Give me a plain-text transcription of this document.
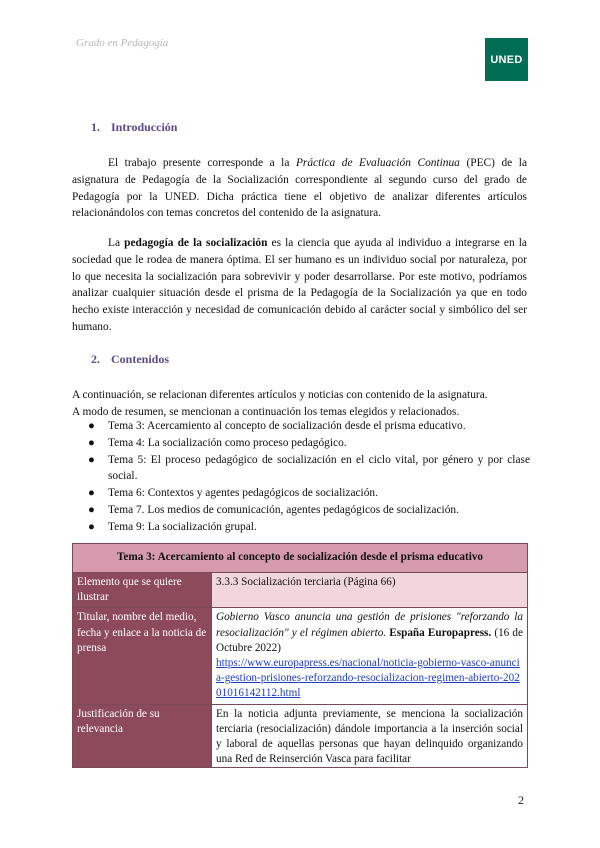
Grado en Pedagogía
UNED
1. Introducción
El trabajo presente corresponde a la Práctica de Evaluación Continua (PEC) de la asignatura de Pedagogía de la Socialización correspondiente al segundo curso del grado de Pedagogía por la UNED. Dicha práctica tiene el objetivo de analizar diferentes artículos relacionándolos con temas concretos del contenido de la asignatura.
La pedagogía de la socialización es la ciencia que ayuda al individuo a integrarse en la sociedad que le rodea de manera óptima. El ser humano es un individuo social por naturaleza, por lo que necesita la socialización para sobrevivir y poder desarrollarse. Por este motivo, podríamos analizar cualquier situación desde el prisma de la Pedagogía de la Socialización ya que en todo hecho existe interacción y necesidad de comunicación debido al carácter social y simbólico del ser humano.
2. Contenidos
A continuación, se relacionan diferentes artículos y noticias con contenido de la asignatura.
A modo de resumen, se mencionan a continuación los temas elegidos y relacionados.
● Tema 3: Acercamiento al concepto de socialización desde el prisma educativo.
● Tema 4: La socialización como proceso pedagógico.
● Tema 5: El proceso pedagógico de socialización en el ciclo vital, por género y por clase social.
● Tema 6: Contextos y agentes pedagógicos de socialización.
● Tema 7. Los medios de comunicación, agentes pedagógicos de socialización.
● Tema 9: La socialización grupal.
Tema 3: Acercamiento al concepto de socialización desde el prisma educativo	
Elemento que se quiere ilustrar	3.3.3 Socialización terciaria (Página 66)
Titular, nombre del medio, fecha y enlace a la noticia de prensa	Gobierno Vasco anuncia una gestión de prisiones "reforzando la resocialización" y el régimen abierto. España Europapress. (16 de Octubre 2022)
https://www.europapress.es/nacional/noticia-gobierno-vasco-anuncia-gestion-prisiones-reforzando-resocializacion-regimen-abierto-20201016142112.html
Justificación de su relevancia	En la noticia adjunta previamente, se menciona la socialización terciaria (resocialización) dándole importancia a la inserción social y laboral de aquellas personas que hayan delinquido organizando una Red de Reinserción Vasca para facilitar
2
